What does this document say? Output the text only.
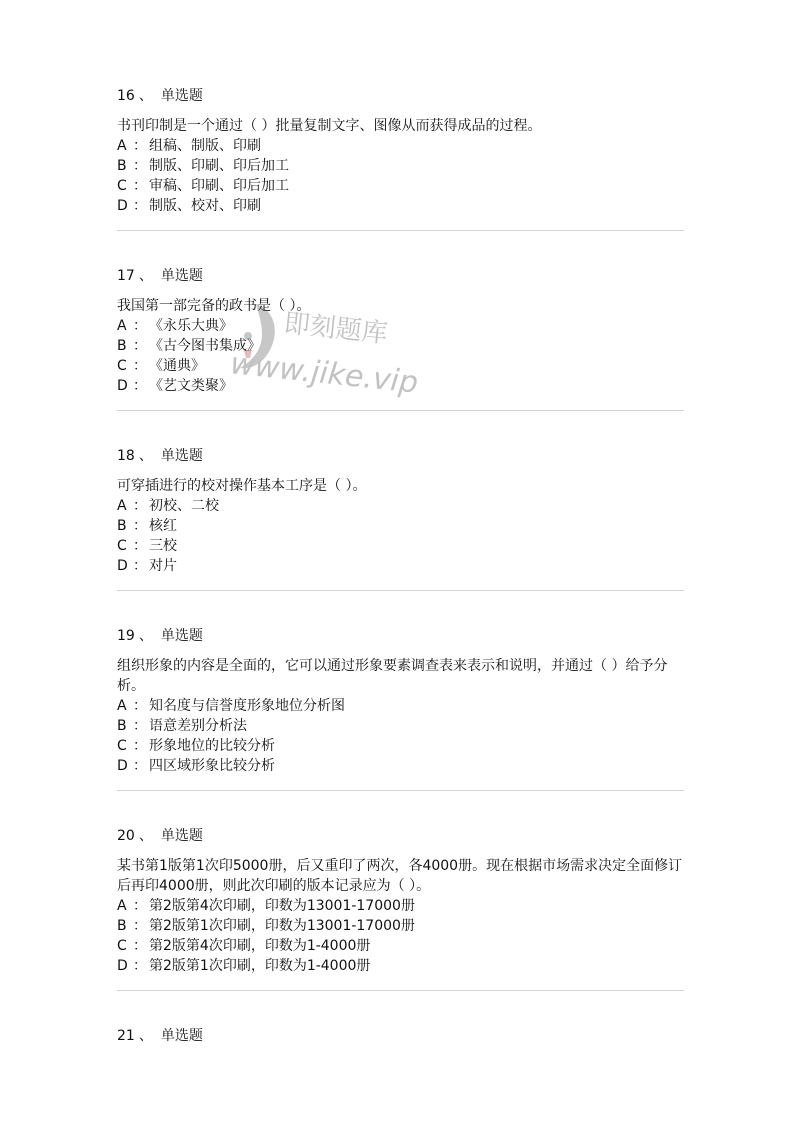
16 、 单选题
书刊印制是一个通过（ ）批量复制文字、图像从而获得成品的过程。
A ： 组稿、制版、印刷
B ： 制版、印刷、印后加工
C ： 审稿、印刷、印后加工
D ： 制版、校对、印刷
17 、 单选题
我国第一部完备的政书是（ ）。
A ： 《永乐大典》
B ： 《古今图书集成》
C ： 《通典》
D ： 《艺文类聚》
18 、 单选题
可穿插进行的校对操作基本工序是（ ）。
A ： 初校、二校
B ： 核红
C ： 三校
D ： 对片
19 、 单选题
组织形象的内容是全面的，它可以通过形象要素调查表来表示和说明，并通过（ ）给予分析。
A ： 知名度与信誉度形象地位分析图
B ： 语意差别分析法
C ： 形象地位的比较分析
D ： 四区域形象比较分析
20 、 单选题
某书第1版第1次印5000册，后又重印了两次，各4000册。现在根据市场需求决定全面修订后再印4000册，则此次印刷的版本记录应为（ ）。
A ： 第2版第4次印刷，印数为13001-17000册
B ： 第2版第1次印刷，印数为13001-17000册
C ： 第2版第4次印刷，印数为1-4000册
D ： 第2版第1次印刷，印数为1-4000册
21 、 单选题
即刻题库
www.jike.vip
